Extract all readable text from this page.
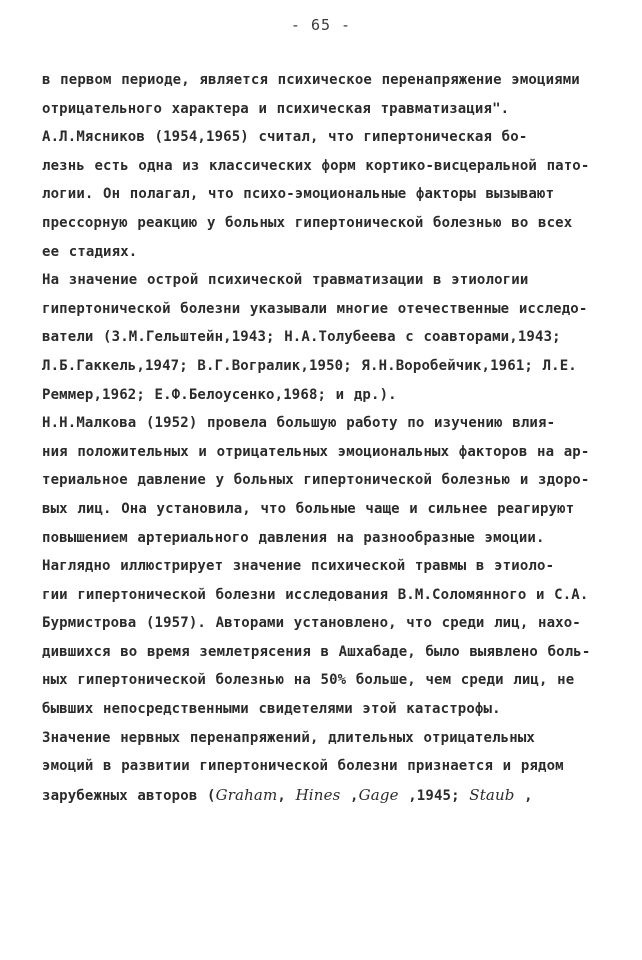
- 65 -
в первом периоде, является психическое перенапряжение эмоциями
отрицательного характера и психическая травматизация".
А.Л.Мясников (1954,1965) считал, что гипертоническая бо-
лезнь есть одна из классических форм кортико-висцеральной пато-
логии. Он полагал, что психо-эмоциональные факторы вызывают
прессорную реакцию у больных гипертонической болезнью во всех
ее стадиях.
На значение острой психической травматизации в этиологии
гипертонической болезни указывали многие отечественные исследо-
ватели (З.М.Гельштейн,1943; Н.А.Толубеева с соавторами,1943;
Л.Б.Гаккель,1947; В.Г.Вогралик,1950; Я.Н.Воробейчик,1961; Л.Е.
Реммер,1962; Е.Ф.Белоусенко,1968; и др.).
Н.Н.Малкова (1952) провела большую работу по изучению влия-
ния положительных и отрицательных эмоциональных факторов на ар-
териальное давление у больных гипертонической болезнью и здоро-
вых лиц. Она установила, что больные чаще и сильнее реагируют
повышением артериального давления на разнообразные эмоции.
Наглядно иллюстрирует значение психической травмы в этиоло-
гии гипертонической болезни исследования В.М.Соломянного и С.А.
Бурмистрова (1957). Авторами установлено, что среди лиц, нахо-
дившихся во время землетрясения в Ашхабаде, было выявлено боль-
ных гипертонической болезнью на 50% больше, чем среди лиц, не
бывших непосредственными свидетелями этой катастрофы.
Значение нервных перенапряжений, длительных отрицательных
эмоций в развитии гипертонической болезни признается и рядом
зарубежных авторов (Graham, Hines ,Gage ,1945; Staub ,
